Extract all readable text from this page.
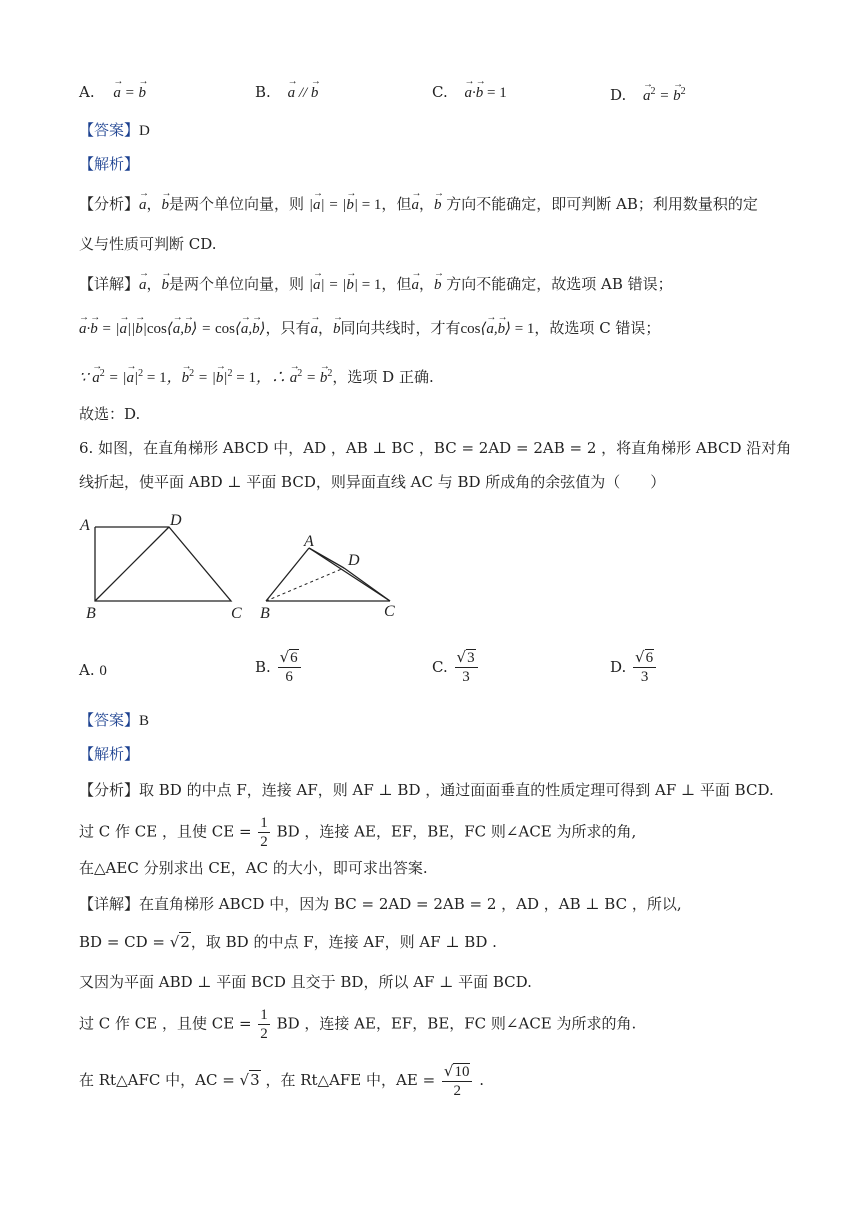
A. → a = → b	B. → a // → b	C. → a·→ b = 1	D. → $a^2$ = → $b^2$
【答案】D
【解析】
【分析】→ a，→ b是两个单位向量，则 |→ a| = |→ b| = 1，但→ a，→ b 方向不能确定，即可判断 AB；利用数量积的定
义与性质可判断 CD.
【详解】→ a，→ b是两个单位向量，则 |→ a| = |→ b| = 1，但→ a，→ b 方向不能确定，故选项 AB 错误；
→ a·→ b = |→ a||→ b|cos⟨→ a,→ b⟩ = cos⟨→ a,→ b⟩，只有→ a，→ b同向共线时，才有cos⟨→ a,→ b⟩ = 1，故选项 C 错误；
∵ → $a^2$ = |→ $a|^2 = 1$，→ $b^2$ = |→ $b|^2 = 1$，∴ → $a^2$ = → $b^2$，选项 D 正确.
故选：D.
6. 如图，在直角梯形 ABCD 中，AD ，AB ⊥ BC ，BC = 2AD = 2AB = 2 ，将直角梯形 ABCD 沿对角
线折起，使平面 ABD ⊥ 平面 BCD，则异面直线 AC 与 BD 所成角的余弦值为（　　）
A	D
B	C
A
D
B	C
A. 0	B. $\frac{√6}{6}$	C. $\frac{√3}{3}$	D. $\frac{√6}{3}$
【答案】B
【解析】
【分析】取 BD 的中点 F，连接 AF，则 AF ⊥ BD ，通过面面垂直的性质定理可得到 AF ⊥ 平面 BCD.
过 C 作 CE ，且使 CE = $\frac{1}{2}$ BD ，连接 AE，EF，BE，FC 则∠ACE 为所求的角,
在△AEC 分别求出 CE，AC 的大小，即可求出答案.
【详解】在直角梯形 ABCD 中，因为 BC = 2AD = 2AB = 2 ，AD ，AB ⊥ BC ，所以,
BD = CD = √2，取 BD 的中点 F，连接 AF，则 AF ⊥ BD .
又因为平面 ABD ⊥ 平面 BCD 且交于 BD，所以 AF ⊥ 平面 BCD.
过 C 作 CE ，且使 CE = $\frac{1}{2}$ BD ，连接 AE，EF，BE，FC 则∠ACE 为所求的角.
在 Rt△AFC 中，AC = √3 ，在 Rt△AFE 中，AE = $\frac{√10}{2}$ .
